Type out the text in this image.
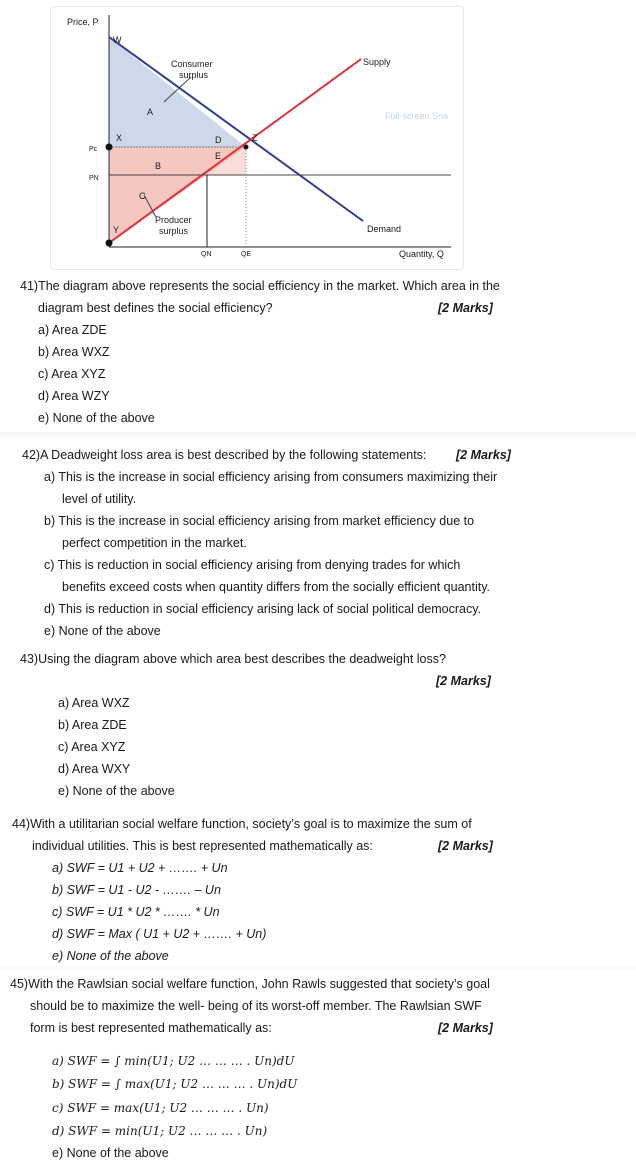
Price, P
Quantity, Q
W
X
Y
Z
A
B
C
D
E
Pc
PN
QN	QE
Consumer
surplus
Producer
surplus
Supply
Demand
Full-screen Sna
41)The diagram above represents the social efficiency in the market. Which area in the
diagram best defines the social efficiency?	[2 Marks]
a) Area ZDE
b) Area WXZ
c) Area XYZ
d) Area WZY
e) None of the above
42)A Deadweight loss area is best described by the following statements: [2 Marks]
a) This is the increase in social efficiency arising from consumers maximizing their
level of utility.
b) This is the increase in social efficiency arising from market efficiency due to
perfect competition in the market.
c) This is reduction in social efficiency arising from denying trades for which
benefits exceed costs when quantity differs from the socially efficient quantity.
d) This is reduction in social efficiency arising lack of social political democracy.
e) None of the above
43)Using the diagram above which area best describes the deadweight loss?
[2 Marks]
a) Area WXZ
b) Area ZDE
c) Area XYZ
d) Area WXY
e) None of the above
44)With a utilitarian social welfare function, society’s goal is to maximize the sum of
individual utilities. This is best represented mathematically as:	[2 Marks]
a) SWF = U1 + U2 + ……. + Un
b) SWF = U1 - U2 - ……. – Un
c) SWF = U1 * U2 * ……. * Un
d) SWF = Max ( U1 + U2 + ……. + Un)
e) None of the above
45)With the Rawlsian social welfare function, John Rawls suggested that society’s goal
should be to maximize the well- being of its worst-off member. The Rawlsian SWF
form is best represented mathematically as:	[2 Marks]
a) SWF = ∫ min(U1; U2 … … … . Un)dU
b) SWF = ∫ max(U1; U2 … … … . Un)dU
c) SWF = max(U1; U2 … … … . Un)
d) SWF = min(U1; U2 … … … . Un)
e) None of the above
